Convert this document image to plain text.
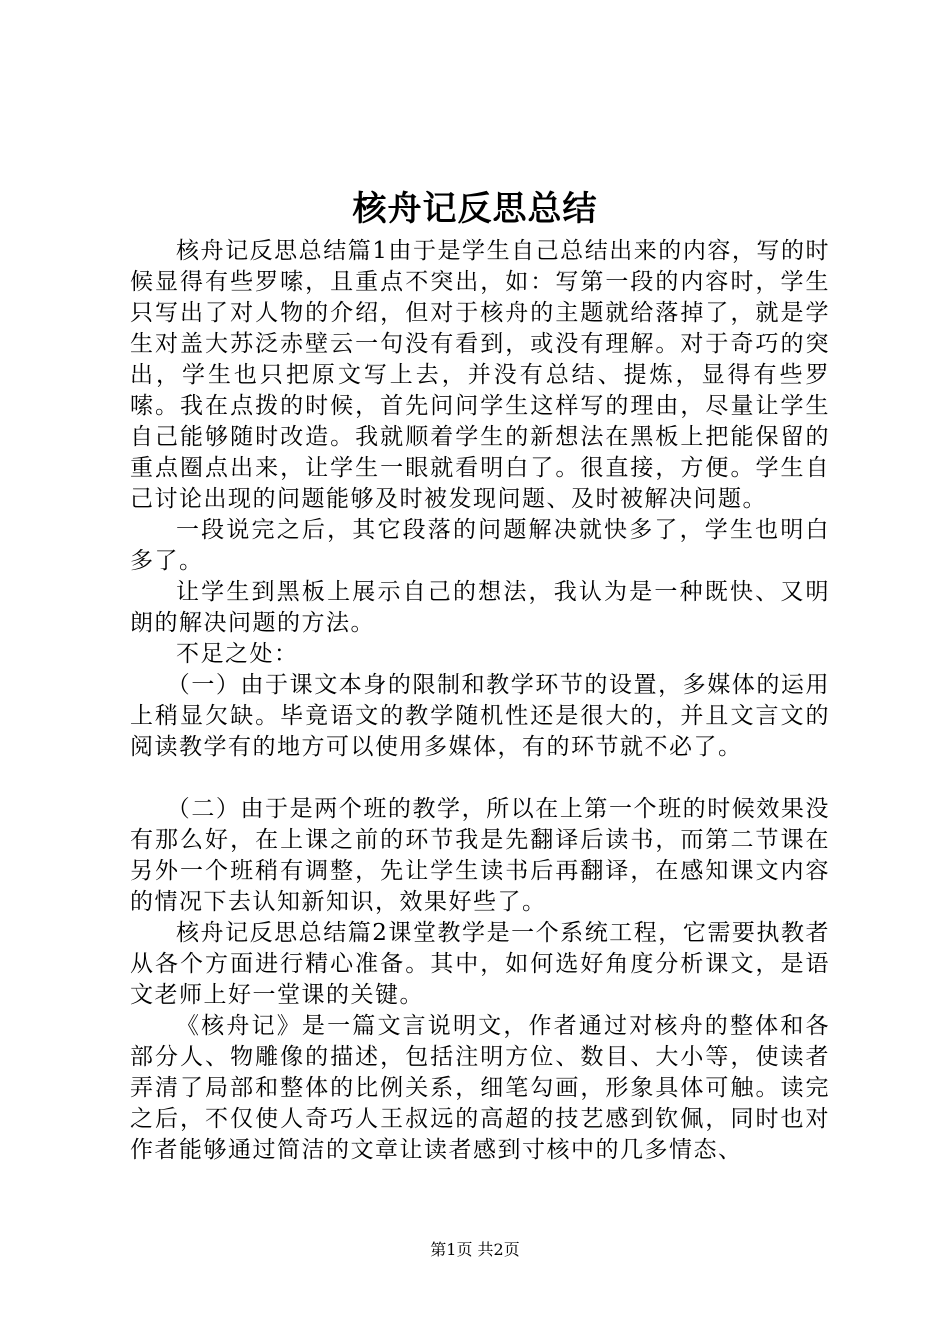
核舟记反思总结

核舟记反思总结篇1由于是学生自己总结出来的内容，写的时候显得有些罗嗦，且重点不突出，如：写第一段的内容时，学生只写出了对人物的介绍，但对于核舟的主题就给落掉了，就是学生对盖大苏泛赤壁云一句没有看到，或没有理解。对于奇巧的突出，学生也只把原文写上去，并没有总结、提炼，显得有些罗嗦。我在点拨的时候，首先问问学生这样写的理由，尽量让学生自己能够随时改造。我就顺着学生的新想法在黑板上把能保留的重点圈点出来，让学生一眼就看明白了。很直接，方便。学生自己讨论出现的问题能够及时被发现问题、及时被解决问题。

一段说完之后，其它段落的问题解决就快多了，学生也明白多了。

让学生到黑板上展示自己的想法，我认为是一种既快、又明朗的解决问题的方法。

不足之处：

（一）由于课文本身的限制和教学环节的设置，多媒体的运用上稍显欠缺。毕竟语文的教学随机性还是很大的，并且文言文的阅读教学有的地方可以使用多媒体，有的环节就不必了。

（二）由于是两个班的教学，所以在上第一个班的时候效果没有那么好，在上课之前的环节我是先翻译后读书，而第二节课在另外一个班稍有调整，先让学生读书后再翻译，在感知课文内容的情况下去认知新知识，效果好些了。

核舟记反思总结篇2课堂教学是一个系统工程，它需要执教者从各个方面进行精心准备。其中，如何选好角度分析课文，是语文老师上好一堂课的关键。

《核舟记》是一篇文言说明文，作者通过对核舟的整体和各部分人、物雕像的描述，包括注明方位、数目、大小等，使读者弄清了局部和整体的比例关系，细笔勾画，形象具体可触。读完之后，不仅使人奇巧人王叔远的高超的技艺感到钦佩，同时也对作者能够通过简洁的文章让读者感到寸核中的几多情态、

第1页 共2页
